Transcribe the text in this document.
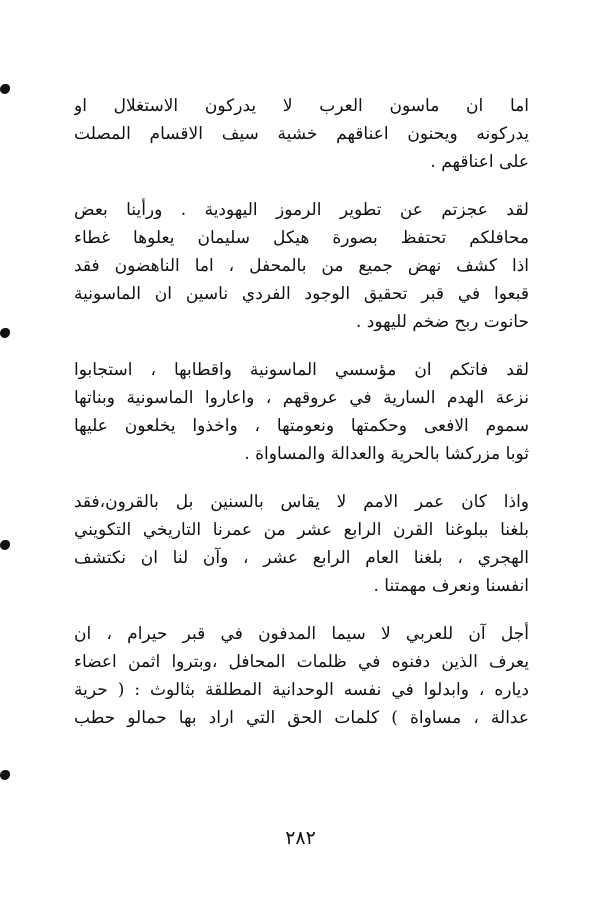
اما ان ماسون العرب لا يدركون الاستغلال او
يدركونه ويحنون اعناقهم خشية سيف الاقسام المصلت
على اعناقهم .
لقد عجزتم عن تطوير الرموز اليهودية . ورأينا بعض
محافلكم تحتفظ بصورة هيكل سليمان يعلوها غطاء
اذا كشف نهض جميع من بالمحفل ، اما الناهضون فقد
قبعوا في قبر تحقيق الوجود الفردي ناسين ان الماسونية
حانوت ربح ضخم لليهود .
لقد فاتكم ان مؤسسي الماسونية واقطابها ، استجابوا
نزعة الهدم السارية في عروقهم ، واعاروا الماسونية وبناتها
سموم الافعى وحكمتها ونعومتها ، واخذوا يخلعون عليها
ثوبا مزركشا بالحرية والعدالة والمساواة .
واذا كان عمر الامم لا يقاس بالسنين بل بالقرون،فقد
بلغنا ببلوغنا القرن الرابع عشر من عمرنا التاريخي التكويني
الهجري ، بلغنا العام الرابع عشر ، وآن لنا ان نكتشف
انفسنا ونعرف مهمتنا .
أجل آن للعربي لا سيما المدفون في قبر حيرام ، ان
يعرف الذين دفنوه في ظلمات المحافل ،وبتروا اثمن اعضاء
دياره ، وابدلوا في نفسه الوحدانية المطلقة بثالوث : ( حرية
عدالة ، مساواة ) كلمات الحق التي اراد بها حمالو حطب
٢٨٢
